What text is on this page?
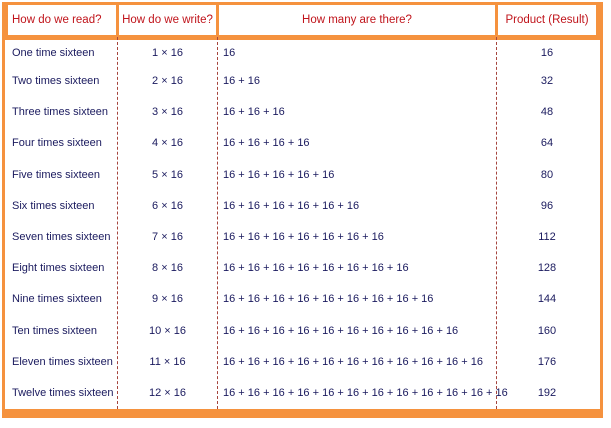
How do we read?	How do we write?	How many are there?	Product (Result)
One time sixteen	1 × 16	16	16
Two times sixteen	2 × 16	16 + 16	32
Three times sixteen	3 × 16	16 + 16 + 16	48
Four times sixteen	4 × 16	16 + 16 + 16 + 16	64
Five times sixteen	5 × 16	16 + 16 + 16 + 16 + 16	80
Six times sixteen	6 × 16	16 + 16 + 16 + 16 + 16 + 16	96
Seven times sixteen	7 × 16	16 + 16 + 16 + 16 + 16 + 16 + 16	112
Eight times sixteen	8 × 16	16 + 16 + 16 + 16 + 16 + 16 + 16 + 16	128
Nine times sixteen	9 × 16	16 + 16 + 16 + 16 + 16 + 16 + 16 + 16 + 16	144
Ten times sixteen	10 × 16	16 + 16 + 16 + 16 + 16 + 16 + 16 + 16 + 16 + 16	160
Eleven times sixteen	11 × 16	16 + 16 + 16 + 16 + 16 + 16 + 16 + 16 + 16 + 16 + 16	176
Twelve times sixteen	12 × 16	16 + 16 + 16 + 16 + 16 + 16 + 16 + 16 + 16 + 16 + 16 + 16	192
